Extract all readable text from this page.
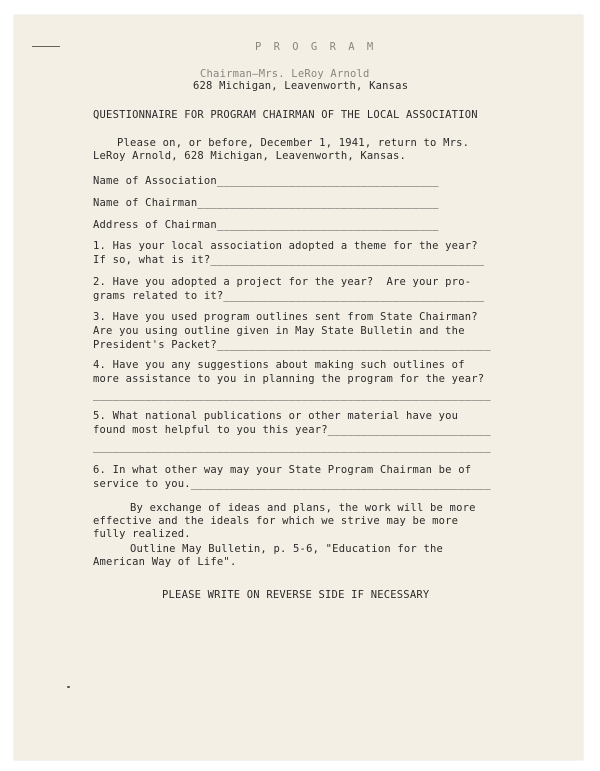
P R O G R A M
Chairman—Mrs. LeRoy Arnold
628 Michigan, Leavenworth, Kansas
QUESTIONNAIRE FOR PROGRAM CHAIRMAN OF THE LOCAL ASSOCIATION
Please on, or before, December 1, 1941, return to Mrs.
LeRoy Arnold, 628 Michigan, Leavenworth, Kansas.
Name of Association__________________________________
Name of Chairman_____________________________________
Address of Chairman__________________________________
1. Has your local association adopted a theme for the year?
If so, what is it?__________________________________________
2. Have you adopted a project for the year?  Are your pro-
grams related to it?________________________________________
3. Have you used program outlines sent from State Chairman?
Are you using outline given in May State Bulletin and the
President's Packet?__________________________________________
4. Have you any suggestions about making such outlines of
more assistance to you in planning the program for the year?
_____________________________________________________________
5. What national publications or other material have you
found most helpful to you this year?_________________________
_____________________________________________________________
6. In what other way may your State Program Chairman be of
service to you.______________________________________________
By exchange of ideas and plans, the work will be more
effective and the ideals for which we strive may be more
fully realized.
Outline May Bulletin, p. 5-6, "Education for the
American Way of Life".
PLEASE WRITE ON REVERSE SIDE IF NECESSARY
